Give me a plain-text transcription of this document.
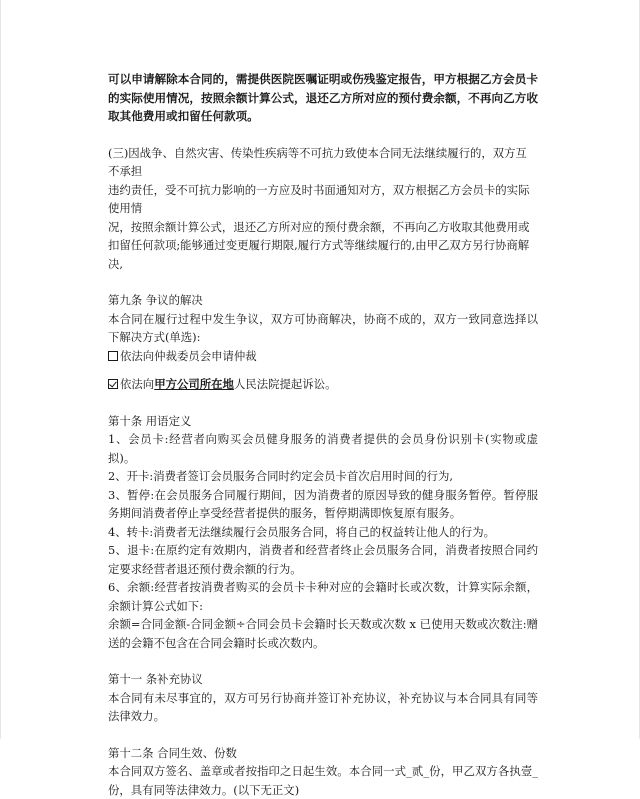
可以申请解除本合同的，需提供医院医嘱证明或伤残鉴定报告，甲方根据乙方会员卡的实际使用情况，按照余额计算公式，退还乙方所对应的预付费余额，不再向乙方收取其他费用或扣留任何款项。

(三)因战争、自然灾害、传染性疾病等不可抗力致使本合同无法继续履行的，双方互不承担
违约责任，受不可抗力影响的一方应及时书面通知对方，双方根据乙方会员卡的实际使用情
况，按照余额计算公式，退还乙方所对应的预付费余额，不再向乙方收取其他费用或
扣留任何款项;能够通过变更履行期限,履行方式等继续履行的,由甲乙双方另行协商解决,

第九条 争议的解决

本合同在履行过程中发生争议，双方可协商解决，协商不成的，双方一致同意选择以下解决方式(单选):

依法向仲裁委员会申请仲裁

依法向甲方公司所在地人民法院提起诉讼。

第十条 用语定义

1、会员卡:经营者向购买会员健身服务的消费者提供的会员身份识别卡(实物或虚拟)。

2、开卡:消费者签订会员服务合同时约定会员卡首次启用时间的行为,

3、暂停:在会员服务合同履行期间，因为消费者的原因导致的健身服务暂停。暂停服务期间消费者停止享受经营者提供的服务，暂停期满即恢复原有服务。

4、转卡:消费者无法继续履行会员服务合同，将自己的权益转让他人的行为。

5、退卡:在原约定有效期内，消费者和经营者终止会员服务合同，消费者按照合同约定要求经营者退还预付费余额的行为。

6、余额:经营者按消费者购买的会员卡卡种对应的会籍时长或次数，计算实际余额，余额计算公式如下:

余额=合同金额-合同金额÷合同会员卡会籍时长天数或次数 x 已使用天数或次数注:赠送的会籍不包含在合同会籍时长或次数内。

第十一 条补充协议

本合同有未尽事宜的，双方可另行协商并签订补充协议，补充协议与本合同具有同等法律效力。

第十二条 合同生效、份数

本合同双方签名、盖章或者按指印之日起生效。本合同一式_贰_份，甲乙双方各执壹_份，具有同等法律效力。(以下无正文)
